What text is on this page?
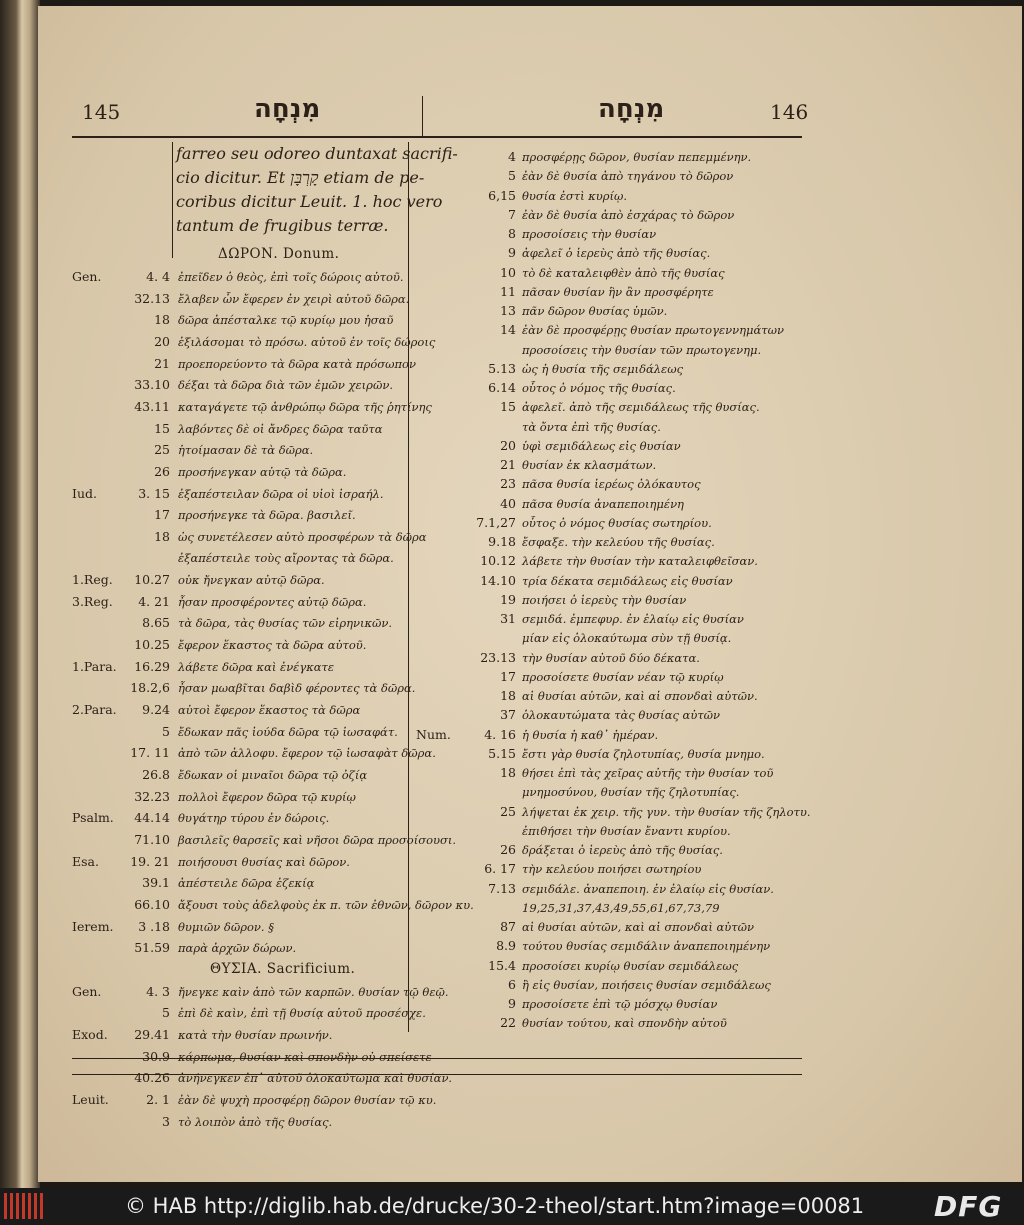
145	מִנְחָה	מִנְחָה	146
farreo seu odoreo duntaxat sacrifi-
cio dicitur. Et קָרְבָּן etiam de pe-
coribus dicitur Leuit. 1. hoc vero
tantum de frugibus terræ.
ΔΩΡΟΝ. Donum.
Gen.	4. 4 ἐπεῖδεν ὁ θεὸς, ἐπὶ τοῖς δώροις αὐτοῦ.
32.13 ἔλαβεν ὧν ἔφερεν ἐν χειρὶ αὐτοῦ δῶρα.
18 δῶρα ἀπέσταλκε τῷ κυρίῳ μου ἠσαῦ
20 ἐξιλάσομαι τὸ πρόσω. αὐτοῦ ἐν τοῖς δώροις
21 προεπορεύοντο τὰ δῶρα κατὰ πρόσωπον
33.10 δέξαι τὰ δῶρα διὰ τῶν ἐμῶν χειρῶν.
43.11 καταγάγετε τῷ ἀνθρώπῳ δῶρα τῆς ῥητίνης
15 λαβόντες δὲ οἱ ἄνδρες δῶρα ταῦτα
25 ἡτοίμασαν δὲ τὰ δῶρα.
26 προσήνεγκαν αὐτῷ τὰ δῶρα.
Iud.	3. 15 ἐξαπέστειλαν δῶρα οἱ υἱοὶ ἰσραήλ.
17 προσήνεγκε τὰ δῶρα. βασιλεῖ.
18 ὡς συνετέλεσεν αὐτὸ προσφέρων τὰ δῶρα
ἐξαπέστειλε τοὺς αἴροντας τὰ δῶρα.
1.Reg.	10.27 οὐκ ἤνεγκαν αὐτῷ δῶρα.
3.Reg.	4. 21 ἦσαν προσφέροντες αὐτῷ δῶρα.
8.65 τὰ δῶρα, τὰς θυσίας τῶν εἰρηνικῶν.
10.25 ἔφερον ἕκαστος τὰ δῶρα αὐτοῦ.
1.Para.	16.29 λάβετε δῶρα καὶ ἐνέγκατε
18.2,6 ἦσαν μωαβῖται δαβὶδ φέροντες τὰ δῶρα.
2.Para.	9.24 αὐτοὶ ἔφερον ἕκαστος τὰ δῶρα
5 ἔδωκαν πᾶς ἰούδα δῶρα τῷ ἰωσαφάτ.
17. 11 ἀπὸ τῶν ἀλλοφυ. ἔφερον τῷ ἰωσαφὰτ δῶρα.
26.8 ἔδωκαν οἱ μιναῖοι δῶρα τῷ ὀζίᾳ
32.23 πολλοὶ ἔφερον δῶρα τῷ κυρίῳ
Psalm.	44.14 θυγάτηρ τύρου ἐν δώροις.
71.10 βασιλεῖς θαρσεῖς καὶ νῆσοι δῶρα προσοίσουσι.
Esa.	19. 21 ποιήσουσι θυσίας καὶ δῶρον.
39.1 ἀπέστειλε δῶρα ἐζεκίᾳ
66.10 ἄξουσι τοὺς ἀδελφοὺς ἐκ π. τῶν ἐθνῶν, δῶρον κυ.
Ierem.	3 .18 θυμιῶν δῶρον. §
51.59 παρὰ ἀρχῶν δώρων.
ΘΥΣΙΑ. Sacrificium.
Gen.	4. 3 ἤνεγκε καὶν ἀπὸ τῶν καρπῶν. θυσίαν τῷ θεῷ.
5 ἐπὶ δὲ καὶν, ἐπὶ τῇ θυσίᾳ αὐτοῦ προσέσχε.
Exod.	29.41 κατὰ τὴν θυσίαν πρωινήν.
30.9 κάρπωμα, θυσίαν καὶ σπονδὴν οὐ σπείσετε
40.26 ἀνήνεγκεν ἐπ᾽ αὐτοῦ ὁλοκαύτωμα καὶ θυσίαν.
Leuit.	2. 1 ἐὰν δὲ ψυχὴ προσφέρῃ δῶρον θυσίαν τῷ κυ.
3 τὸ λοιπὸν ἀπὸ τῆς θυσίας.
4 προσφέρῃς δῶρον, θυσίαν πεπεμμένην.
5 ἐὰν δὲ θυσία ἀπὸ τηγάνου τὸ δῶρον
6,15 θυσία ἐστὶ κυρίῳ.
7 ἐὰν δὲ θυσία ἀπὸ ἐσχάρας τὸ δῶρον
8 προσοίσεις τὴν θυσίαν
9 ἀφελεῖ ὁ ἱερεὺς ἀπὸ τῆς θυσίας.
10 τὸ δὲ καταλειφθὲν ἀπὸ τῆς θυσίας
11 πᾶσαν θυσίαν ἣν ἂν προσφέρητε
13 πᾶν δῶρον θυσίας ὑμῶν.
14 ἐὰν δὲ προσφέρῃς θυσίαν πρωτογεννημάτων
προσοίσεις τὴν θυσίαν τῶν πρωτογενημ.
5.13 ὡς ἡ θυσία τῆς σεμιδάλεως
6.14 οὗτος ὁ νόμος τῆς θυσίας.
15 ἀφελεῖ. ἀπὸ τῆς σεμιδάλεως τῆς θυσίας.
τὰ ὄντα ἐπὶ τῆς θυσίας.
20 ὑφὶ σεμιδάλεως εἰς θυσίαν
21 θυσίαν ἐκ κλασμάτων.
23 πᾶσα θυσία ἱερέως ὁλόκαυτος
40 πᾶσα θυσία ἀναπεποιημένη
7.1,27 οὗτος ὁ νόμος θυσίας σωτηρίου.
9.18 ἔσφαξε. τὴν κελεύου τῆς θυσίας.
10.12 λάβετε τὴν θυσίαν τὴν καταλειφθεῖσαν.
14.10 τρία δέκατα σεμιδάλεως εἰς θυσίαν
19 ποιήσει ὁ ἱερεὺς τὴν θυσίαν
31 σεμιδά. ἐμπεφυρ. ἐν ἐλαίῳ εἰς θυσίαν
μίαν εἰς ὁλοκαύτωμα σὺν τῇ θυσίᾳ.
23.13 τὴν θυσίαν αὐτοῦ δύο δέκατα.
17 προσοίσετε θυσίαν νέαν τῷ κυρίῳ
18 αἱ θυσίαι αὐτῶν, καὶ αἱ σπονδαὶ αὐτῶν.
37 ὁλοκαυτώματα τὰς θυσίας αὐτῶν
Num.	4. 16 ἡ θυσία ἡ καθ᾽ ἡμέραν.
5.15 ἔστι γὰρ θυσία ζηλοτυπίας, θυσία μνημο.
18 θήσει ἐπὶ τὰς χεῖρας αὐτῆς τὴν θυσίαν τοῦ
μνημοσύνου, θυσίαν τῆς ζηλοτυπίας.
25 λήψεται ἐκ χειρ. τῆς γυν. τὴν θυσίαν τῆς ζηλοτυ.
ἐπιθήσει τὴν θυσίαν ἔναντι κυρίου.
26 δράξεται ὁ ἱερεὺς ἀπὸ τῆς θυσίας.
6. 17 τὴν κελεύου ποιήσει σωτηρίου
7.13 σεμιδάλε. ἀναπεποιη. ἐν ἐλαίῳ εἰς θυσίαν.
19,25,31,37,43,49,55,61,67,73,79
87 αἱ θυσίαι αὐτῶν, καὶ αἱ σπονδαὶ αὐτῶν
8.9 τούτου θυσίας σεμιδάλιν ἀναπεποιημένην
15.4 προσοίσει κυρίῳ θυσίαν σεμιδάλεως
6 ἢ εἰς θυσίαν, ποιήσεις θυσίαν σεμιδάλεως
9 προσοίσετε ἐπὶ τῷ μόσχῳ θυσίαν
22 θυσίαν τούτου, καὶ σπονδὴν αὐτοῦ
© HAB http://diglib.hab.de/drucke/30-2-theol/start.htm?image=00081 DFG
